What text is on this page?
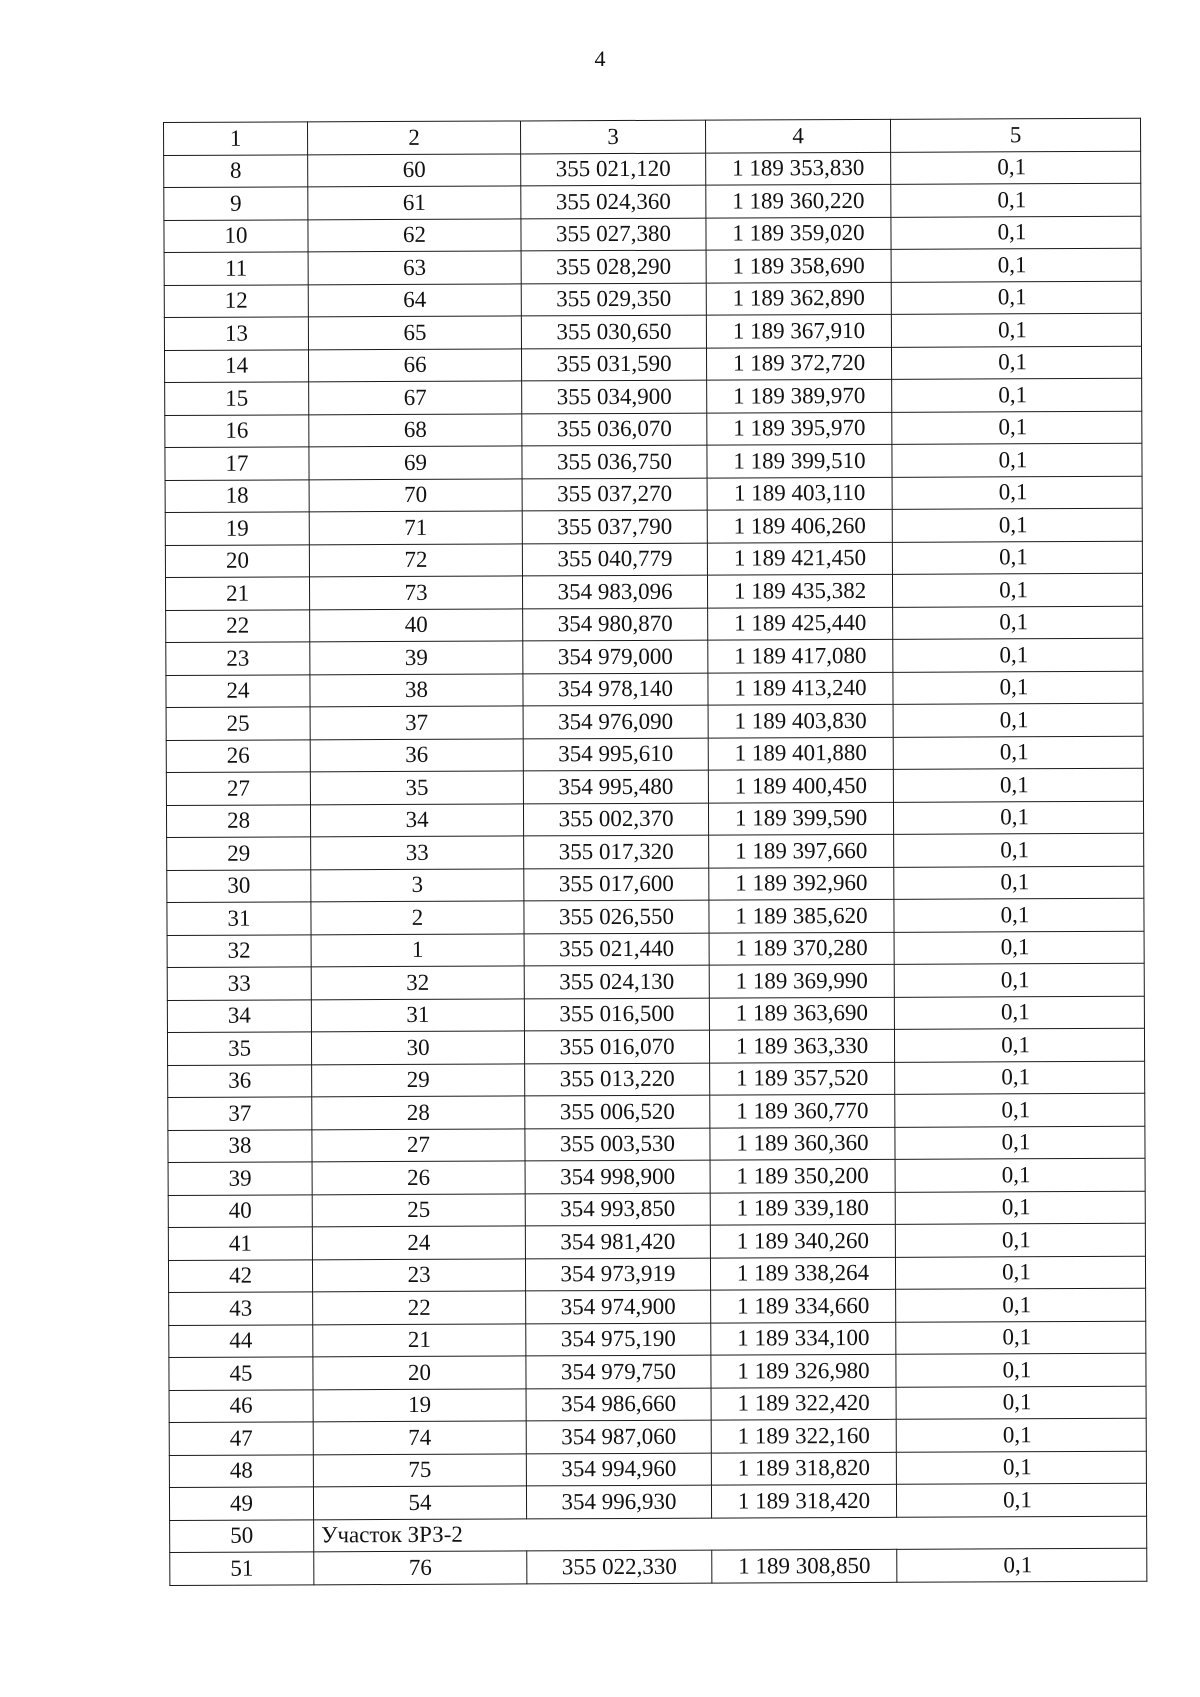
4
1	2	3	4	5
8	60	355 021,120	1 189 353,830	0,1
9	61	355 024,360	1 189 360,220	0,1
10	62	355 027,380	1 189 359,020	0,1
11	63	355 028,290	1 189 358,690	0,1
12	64	355 029,350	1 189 362,890	0,1
13	65	355 030,650	1 189 367,910	0,1
14	66	355 031,590	1 189 372,720	0,1
15	67	355 034,900	1 189 389,970	0,1
16	68	355 036,070	1 189 395,970	0,1
17	69	355 036,750	1 189 399,510	0,1
18	70	355 037,270	1 189 403,110	0,1
19	71	355 037,790	1 189 406,260	0,1
20	72	355 040,779	1 189 421,450	0,1
21	73	354 983,096	1 189 435,382	0,1
22	40	354 980,870	1 189 425,440	0,1
23	39	354 979,000	1 189 417,080	0,1
24	38	354 978,140	1 189 413,240	0,1
25	37	354 976,090	1 189 403,830	0,1
26	36	354 995,610	1 189 401,880	0,1
27	35	354 995,480	1 189 400,450	0,1
28	34	355 002,370	1 189 399,590	0,1
29	33	355 017,320	1 189 397,660	0,1
30	3	355 017,600	1 189 392,960	0,1
31	2	355 026,550	1 189 385,620	0,1
32	1	355 021,440	1 189 370,280	0,1
33	32	355 024,130	1 189 369,990	0,1
34	31	355 016,500	1 189 363,690	0,1
35	30	355 016,070	1 189 363,330	0,1
36	29	355 013,220	1 189 357,520	0,1
37	28	355 006,520	1 189 360,770	0,1
38	27	355 003,530	1 189 360,360	0,1
39	26	354 998,900	1 189 350,200	0,1
40	25	354 993,850	1 189 339,180	0,1
41	24	354 981,420	1 189 340,260	0,1
42	23	354 973,919	1 189 338,264	0,1
43	22	354 974,900	1 189 334,660	0,1
44	21	354 975,190	1 189 334,100	0,1
45	20	354 979,750	1 189 326,980	0,1
46	19	354 986,660	1 189 322,420	0,1
47	74	354 987,060	1 189 322,160	0,1
48	75	354 994,960	1 189 318,820	0,1
49	54	354 996,930	1 189 318,420	0,1
50	Участок ЗРЗ-2			
51	76	355 022,330	1 189 308,850	0,1
